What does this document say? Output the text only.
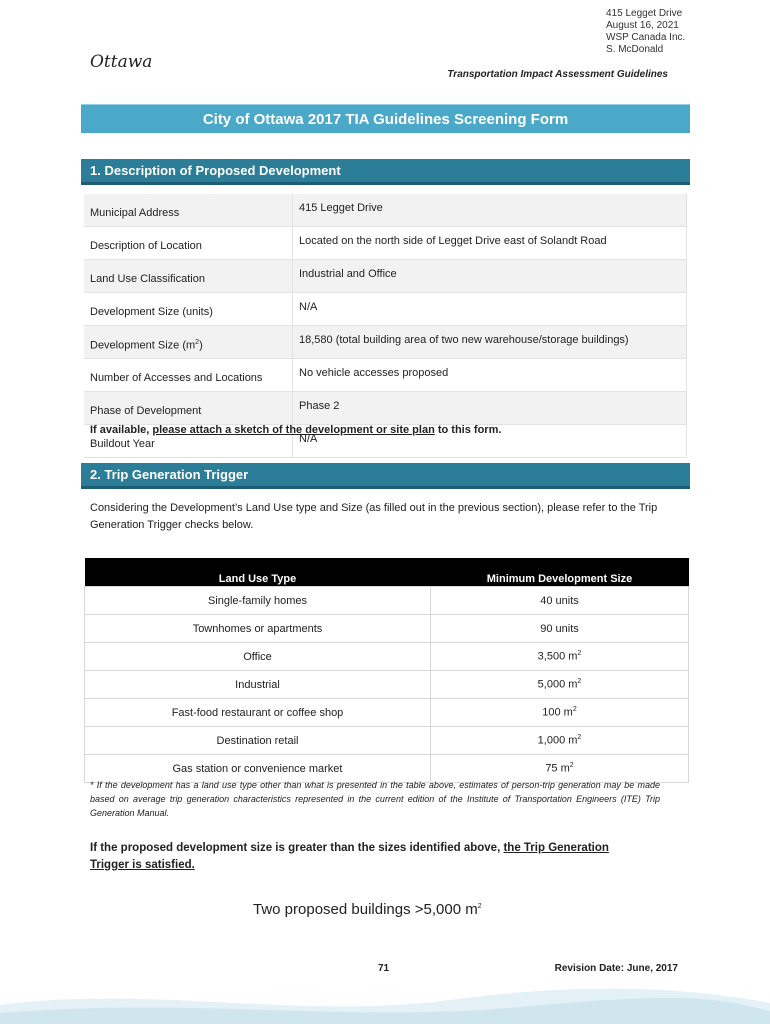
415 Legget Drive
August 16, 2021
WSP Canada Inc.
S. McDonald
Ottawa
Transportation Impact Assessment Guidelines
City of Ottawa 2017 TIA Guidelines Screening Form
1. Description of Proposed Development
Municipal Address	415 Legget Drive
Description of Location	Located on the north side of Legget Drive east of Solandt Road
Land Use Classification	Industrial and Office
Development Size (units)	N/A
Development Size $(m^2)$	18,580 (total building area of two new warehouse/storage buildings)
Number of Accesses and Locations	No vehicle accesses proposed
Phase of Development	Phase 2
Buildout Year	N/A
If available, please attach a sketch of the development or site plan to this form.
2. Trip Generation Trigger
Considering the Development’s Land Use type and Size (as filled out in the previous section), please refer to the Trip Generation Trigger checks below.
Land Use Type	Minimum Development Size
Single-family homes	40 units
Townhomes or apartments	90 units
Office	3,500 $m^2$
Industrial	5,000 $m^2$
Fast-food restaurant or coffee shop	100 $m^2$
Destination retail	1,000 $m^2$
Gas station or convenience market	75 $m^2$
* If the development has a land use type other than what is presented in the table above, estimates of person-trip generation may be made based on average trip generation characteristics represented in the current edition of the Institute of Transportation Engineers (ITE) Trip Generation Manual.
If the proposed development size is greater than the sizes identified above, the Trip Generation Trigger is satisfied.
Two proposed buildings >5,000 $m^2$
71	Revision Date: June, 2017
